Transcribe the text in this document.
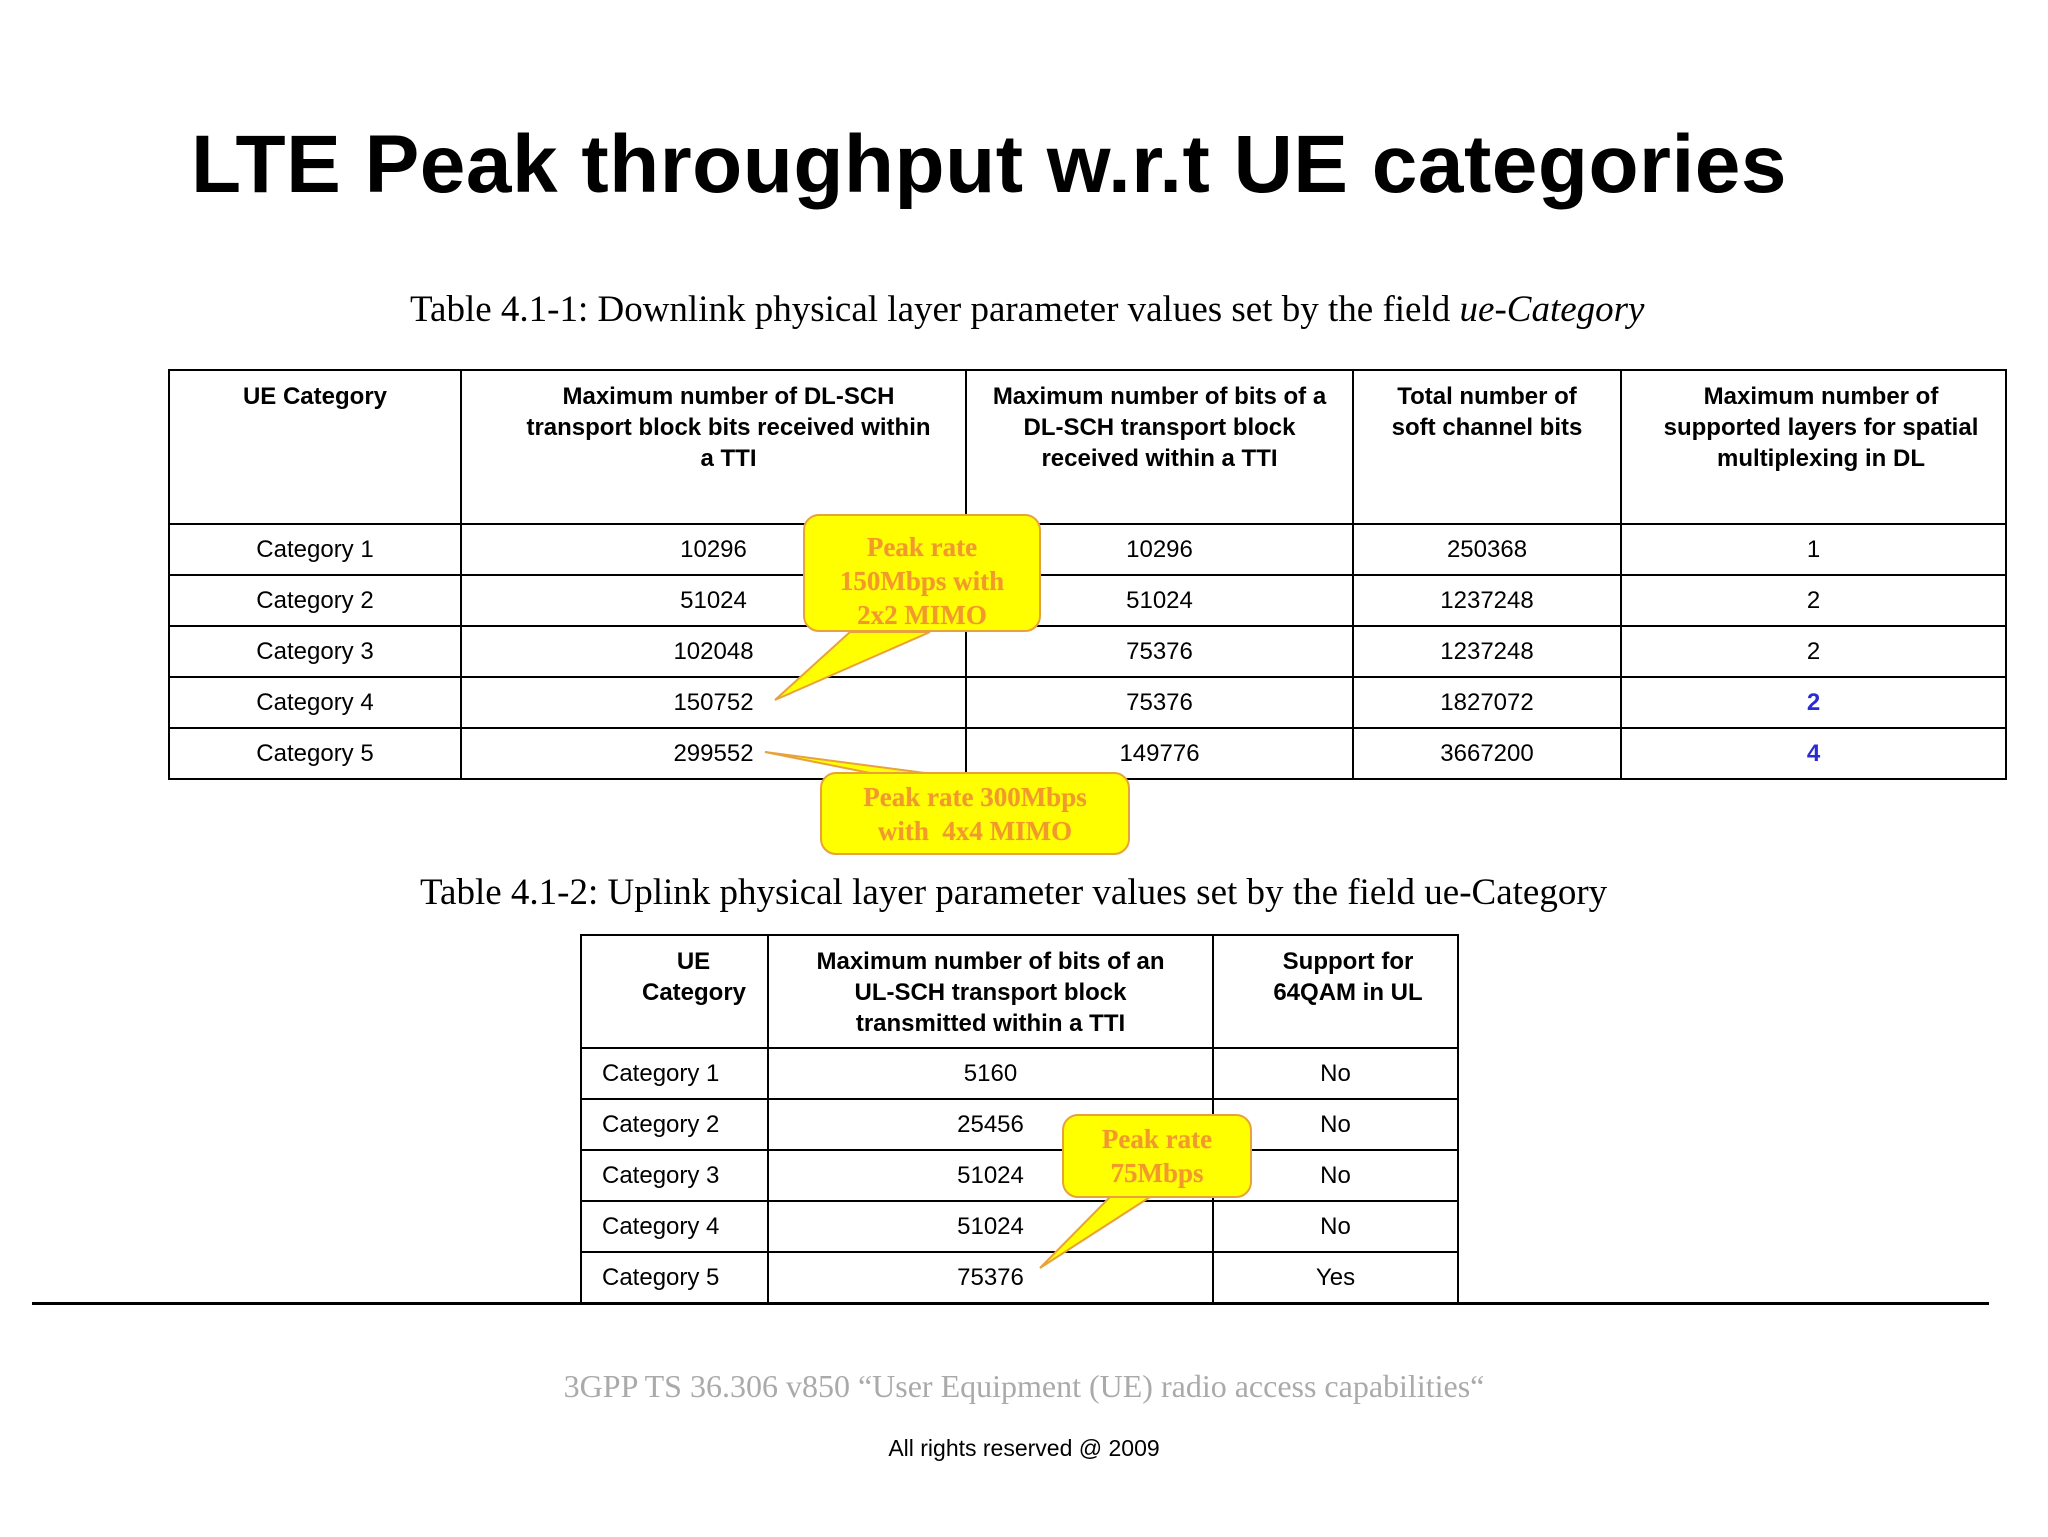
LTE Peak throughput w.r.t UE categories
Table 4.1-1: Downlink physical layer parameter values set by the field ue-Category
UE Category	Maximum number of DL-SCH transport block bits received within a TTI	Maximum number of bits of a DL-SCH transport block received within a TTI	Total number of soft channel bits	Maximum number of supported layers for spatial multiplexing in DL
Category 1	10296	10296	250368	1
Category 2	51024	51024	1237248	2
Category 3	102048	75376	1237248	2
Category 4	150752	75376	1827072	2
Category 5	299552	149776	3667200	4
Table 4.1-2: Uplink physical layer parameter values set by the field ue-Category
UE Category	Maximum number of bits of an UL-SCH transport block transmitted within a TTI	Support for 64QAM in UL
Category 1	5160	No
Category 2	25456	No
Category 3	51024	No
Category 4	51024	No
Category 5	75376	Yes
Peak rate
150Mbps with
2x2 MIMO
Peak rate 300Mbps
with  4x4 MIMO
Peak rate
75Mbps
3GPP TS 36.306 v850 “User Equipment (UE) radio access capabilities“
All rights reserved @ 2009
